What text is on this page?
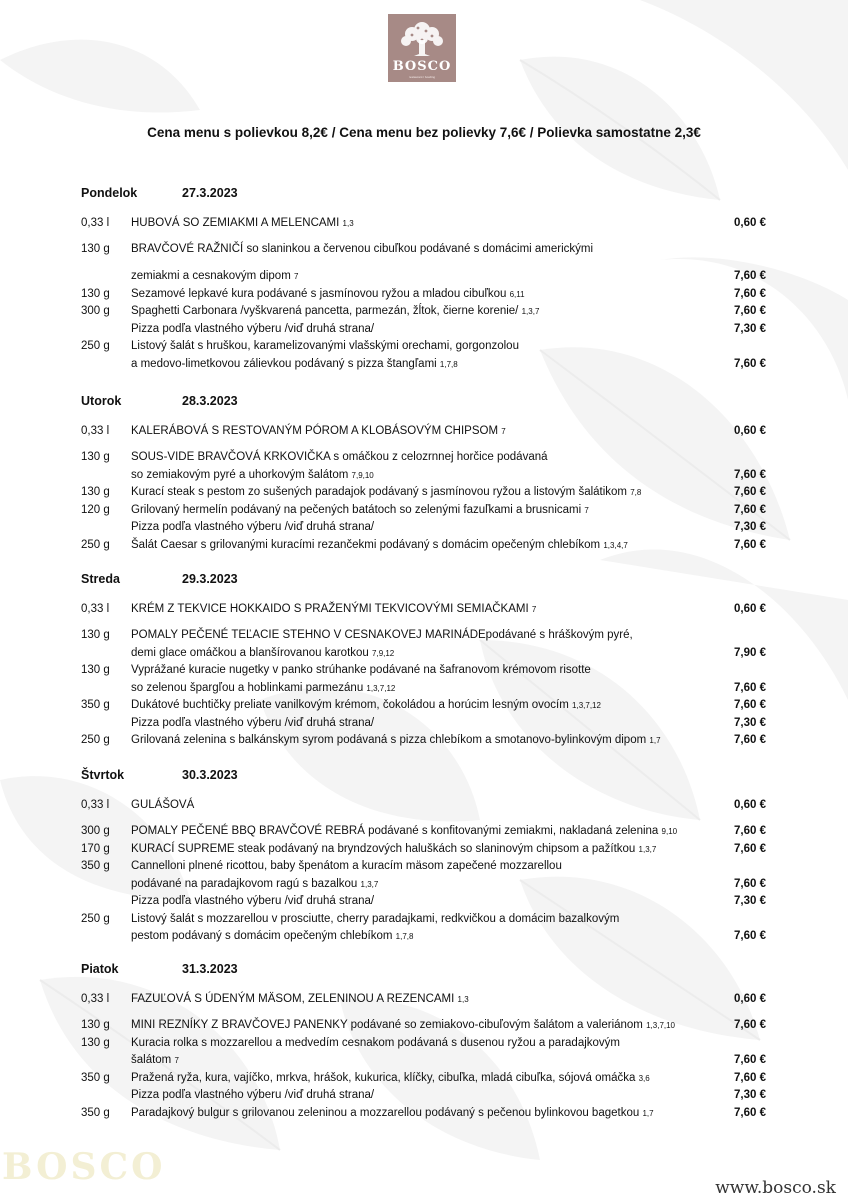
BOSCO
restaurant / bowling
Cena menu s polievkou 8,2€ / Cena menu bez polievky 7,6€ / Polievka samostatne 2,3€
Pondelok	27.3.2023
0,33 l HUBOVÁ SO ZEMIAKMI A MELENCAMI 1,3	0,60 €
130 g BRAVČOVÉ RAŽNIČÍ so slaninkou a červenou cibuľkou podávané s domácimi americkými
zemiakmi a cesnakovým dipom 7	7,60 €
130 g Sezamové lepkavé kura podávané s jasmínovou ryžou a mladou cibuľkou 6,11	7,60 €
300 g Spaghetti Carbonara /vyškvarená pancetta, parmezán, žĺtok, čierne korenie/ 1,3,7	7,60 €
Pizza podľa vlastného výberu /viď druhá strana/	7,30 €
250 g Listový šalát s hruškou, karamelizovanými vlašskými orechami, gorgonzolou
a medovo-limetkovou zálievkou podávaný s pizza štangľami 1,7,8	7,60 €
Utorok	28.3.2023
0,33 l KALERÁBOVÁ S RESTOVANÝM PÓROM A KLOBÁSOVÝM CHIPSOM 7	0,60 €
130 g SOUS-VIDE BRAVČOVÁ KRKOVIČKA s omáčkou z celozrnnej horčice podávaná
so zemiakovým pyré a uhorkovým šalátom 7,9,10	7,60 €
130 g Kurací steak s pestom zo sušených paradajok podávaný s jasmínovou ryžou a listovým šalátikom 7,8	7,60 €
120 g Grilovaný hermelín podávaný na pečených batátoch so zelenými fazuľkami a brusnicami 7	7,60 €
Pizza podľa vlastného výberu /viď druhá strana/	7,30 €
250 g Šalát Caesar s grilovanými kuracími rezančekmi podávaný s domácim opečeným chlebíkom 1,3,4,7	7,60 €
Streda	29.3.2023
0,33 l KRÉM Z TEKVICE HOKKAIDO S PRAŽENÝMI TEKVICOVÝMI SEMIAČKAMI 7	0,60 €
130 g POMALY PEČENÉ TEĽACIE STEHNO V CESNAKOVEJ MARINÁDEpodávané s hráškovým pyré,
demi glace omáčkou a blanšírovanou karotkou 7,9,12	7,90 €
130 g Vyprážané kuracie nugetky v panko strúhanke podávané na šafranovom krémovom risotte
so zelenou špargľou a hoblinkami parmezánu 1,3,7,12	7,60 €
350 g Dukátové buchtičky preliate vanilkovým krémom, čokoládou a horúcim lesným ovocím 1,3,7,12	7,60 €
Pizza podľa vlastného výberu /viď druhá strana/	7,30 €
250 g Grilovaná zelenina s balkánskym syrom podávaná s pizza chlebíkom a smotanovo-bylinkovým dipom 1,7	7,60 €
Štvrtok	30.3.2023
0,33 l GULÁŠOVÁ	0,60 €
300 g POMALY PEČENÉ BBQ BRAVČOVÉ REBRÁ podávané s konfitovanými zemiakmi, nakladaná zelenina 9,10	7,60 €
170 g KURACÍ SUPREME steak podávaný na bryndzových haluškách so slaninovým chipsom a pažítkou 1,3,7	7,60 €
350 g Cannelloni plnené ricottou, baby špenátom a kuracím mäsom zapečené mozzarellou
podávané na paradajkovom ragú s bazalkou 1,3,7	7,60 €
Pizza podľa vlastného výberu /viď druhá strana/	7,30 €
250 g Listový šalát s mozzarellou v prosciutte, cherry paradajkami, redkvičkou a domácim bazalkovým
pestom podávaný s domácim opečeným chlebíkom 1,7,8	7,60 €
Piatok	31.3.2023
0,33 l FAZUĽOVÁ S ÚDENÝM MÄSOM, ZELENINOU A REZENCAMI 1,3	0,60 €
130 g MINI REZNÍKY Z BRAVČOVEJ PANENKY podávané so zemiakovo-cibuľovým šalátom a valeriánom 1,3,7,10	7,60 €
130 g Kuracia rolka s mozzarellou a medvedím cesnakom podávaná s dusenou ryžou a paradajkovým
šalátom 7	7,60 €
350 g Pražená ryža, kura, vajíčko, mrkva, hrášok, kukurica, klíčky, cibuľka, mladá cibuľka, sójová omáčka 3,6	7,60 €
Pizza podľa vlastného výberu /viď druhá strana/	7,30 €
350 g Paradajkový bulgur s grilovanou zeleninou a mozzarellou podávaný s pečenou bylinkovou bagetkou 1,7	7,60 €
BOSCO	www.bosco.sk
